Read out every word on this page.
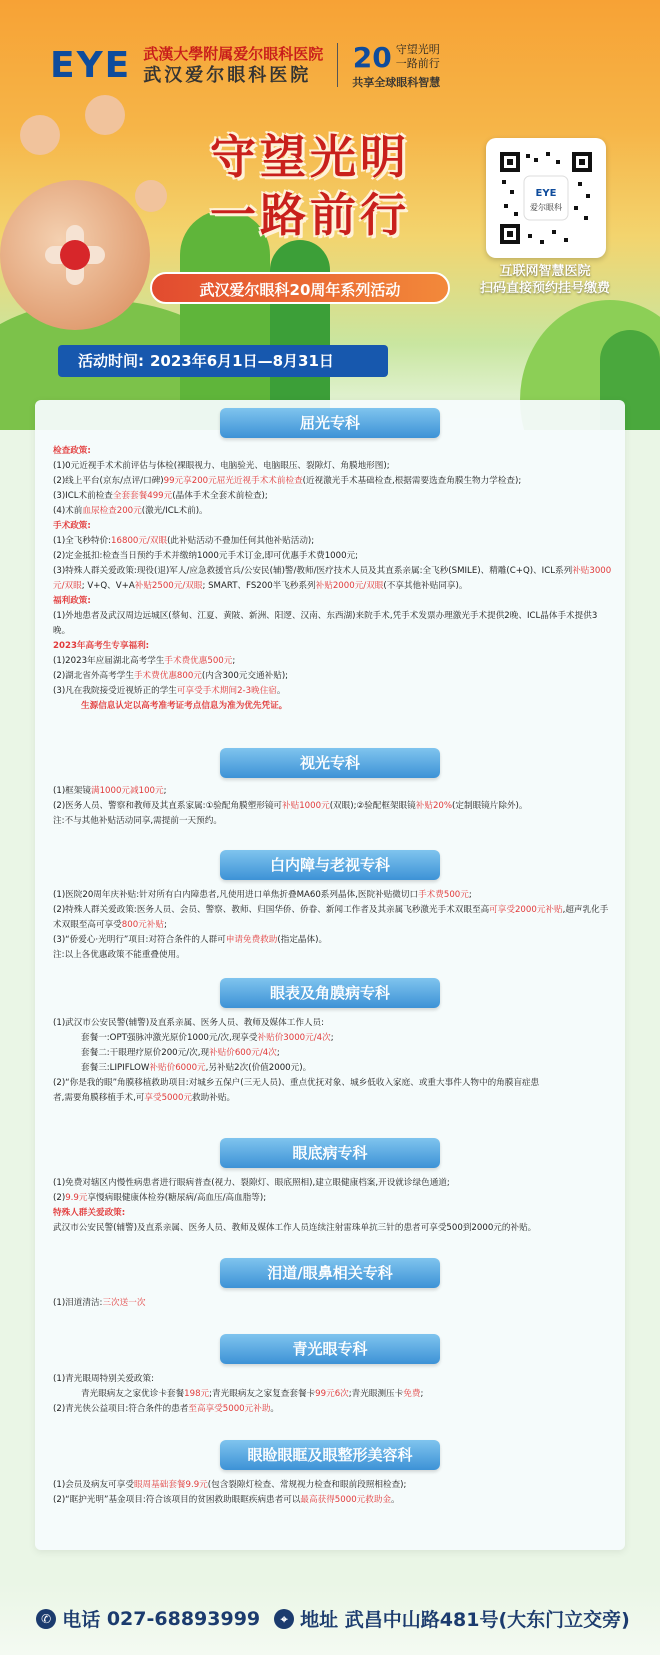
EYE 武漢大學附属爱尔眼科医院
武汉爱尔眼科医院
20 守望光明
一路前行
共享全球眼科智慧
守望光明
一路前行
武汉爱尔眼科20周年系列活动
EYE
爱尔眼科
互联网智慧医院
扫码直接预约挂号缴费
活动时间: 2023年6月1日—8月31日
屈光专科

检查政策:

(1)0元近视手术术前评估与体检(裸眼视力、电脑验光、电脑眼压、裂隙灯、角膜地形图);

(2)线上平台(京东/点评/口碑)99元享200元屈光近视手术术前检查(近视激光手术基础检查,根据需要选查角膜生物力学检查);

(3)ICL术前检查全套套餐499元(晶体手术全套术前检查);

(4)术前血尿检查200元(激光/ICL术前)。

手术政策:

(1)全飞秒特价:16800元/双眼(此补贴活动不叠加任何其他补贴活动);

(2)定金抵扣:检查当日预约手术并缴纳1000元手术订金,即可优惠手术费1000元;

(3)特殊人群关爱政策:现役(退)军人/应急救援官兵/公安民(辅)警/教师/医疗技术人员及其直系亲属:全飞秒(SMILE)、精雕(C+Q)、ICL系列补贴3000元/双眼; V+Q、V+A补贴2500元/双眼; SMART、FS200半飞秒系列补贴2000元/双眼(不享其他补贴同享)。

福利政策:

(1)外地患者及武汉周边远城区(蔡甸、江夏、黄陂、新洲、阳逻、汉南、东西湖)来院手术,凭手术发票办理激光手术提供2晚、ICL晶体手术提供3晚。

2023年高考生专享福利:

(1)2023年应届湖北高考学生手术费优惠500元;

(2)湖北省外高考学生手术费优惠800元(内含300元交通补贴);

(3)凡在我院接受近视矫正的学生可享受手术期间2-3晚住宿。

生源信息认定以高考准考证考点信息为准为优先凭证。

视光专科

(1)框架镜满1000元减100元;

(2)医务人员、警察和教师及其直系家属:①验配角膜塑形镜可补贴1000元(双眼);②验配框架眼镜补贴20%(定制眼镜片除外)。

注:不与其他补贴活动同享,需提前一天预约。

白内障与老视专科

(1)医院20周年庆补贴:针对所有白内障患者,凡使用进口单焦折叠MA60系列晶体,医院补贴微切口手术费500元;

(2)特殊人群关爱政策:医务人员、会员、警察、教师、归国华侨、侨眷、新闻工作者及其亲属飞秒激光手术双眼至高可享受2000元补贴,超声乳化手术双眼至高可享受800元补贴;

(3)“侨爱心·光明行”项目:对符合条件的人群可申请免费救助(指定晶体)。

注:以上各优惠政策不能重叠使用。

眼表及角膜病专科

(1)武汉市公安民警(辅警)及直系亲属、医务人员、教师及媒体工作人员:

套餐一:OPT强脉冲激光原价1000元/次,现享受补贴价3000元/4次;

套餐二:干眼理疗原价200元/次,现补贴价600元/4次;

套餐三:LIPIFLOW补贴价6000元,另补贴2次(价值2000元)。

(2)“你是我的眼”角膜移植救助项目:对城乡五保户(三无人员)、重点优抚对象、城乡低收入家庭、或重大事件人物中的角膜盲症患

者,需要角膜移植手术,可享受5000元救助补贴。

眼底病专科

(1)免费对辖区内慢性病患者进行眼病普查(视力、裂隙灯、眼底照相),建立眼健康档案,开设就诊绿色通道;

(2)9.9元享慢病眼健康体检券(糖尿病/高血压/高血脂等);

特殊人群关爱政策:

武汉市公安民警(辅警)及直系亲属、医务人员、教师及媒体工作人员连续注射雷珠单抗三针的患者可享受500到2000元的补贴。

泪道/眼鼻相关专科

(1)泪道清洁:三次送一次

青光眼专科

(1)青光眼周特别关爱政策:

青光眼病友之家优诊卡套餐198元;青光眼病友之家复查套餐卡99元6次;青光眼测压卡免费;

(2)青光侠公益项目:符合条件的患者至高享受5000元补助。

眼睑眼眶及眼整形美容科

(1)会员及病友可享受眼周基础套餐9.9元(包含裂隙灯检查、常规视力检查和眼前段照相检查);

(2)“眶护光明”基金项目:符合该项目的贫困救助眼眶疾病患者可以最高获得5000元救助金。

✆ 电话
027-68893999	⌖ 地址
武昌中山路481号(大东门立交旁)
